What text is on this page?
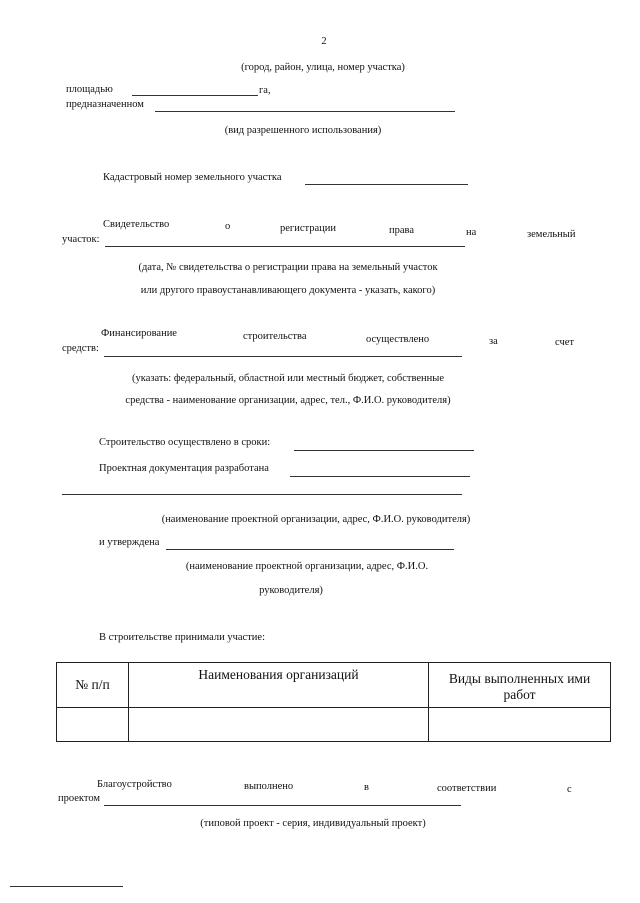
2
(город, район, улица, номер участка)
площадью	га,
предназначенном
(вид разрешенного использования)
Кадастровый номер земельного участка
Свидетельство	о	регистрации	права	на	земельный
участок:
(дата, № свидетельства о регистрации права на земельный участок
или другого правоустанавливающего документа - указать, какого)
Финансирование	строительства	осуществлено	за	счет
средств:
(указать: федеральный, областной или местный бюджет, собственные
средства - наименование организации, адрес, тел., Ф.И.О. руководителя)
Строительство осуществлено в сроки:
Проектная документация разработана
(наименование проектной организации, адрес, Ф.И.О. руководителя)
и утверждена
(наименование проектной организации, адрес, Ф.И.О.
руководителя)
В строительстве принимали участие:
№ п/п	Наименования организаций	Виды выполненных ими работ

Благоустройство	выполнено	в	соответствии	с
проектом
(типовой проект - серия, индивидуальный проект)
